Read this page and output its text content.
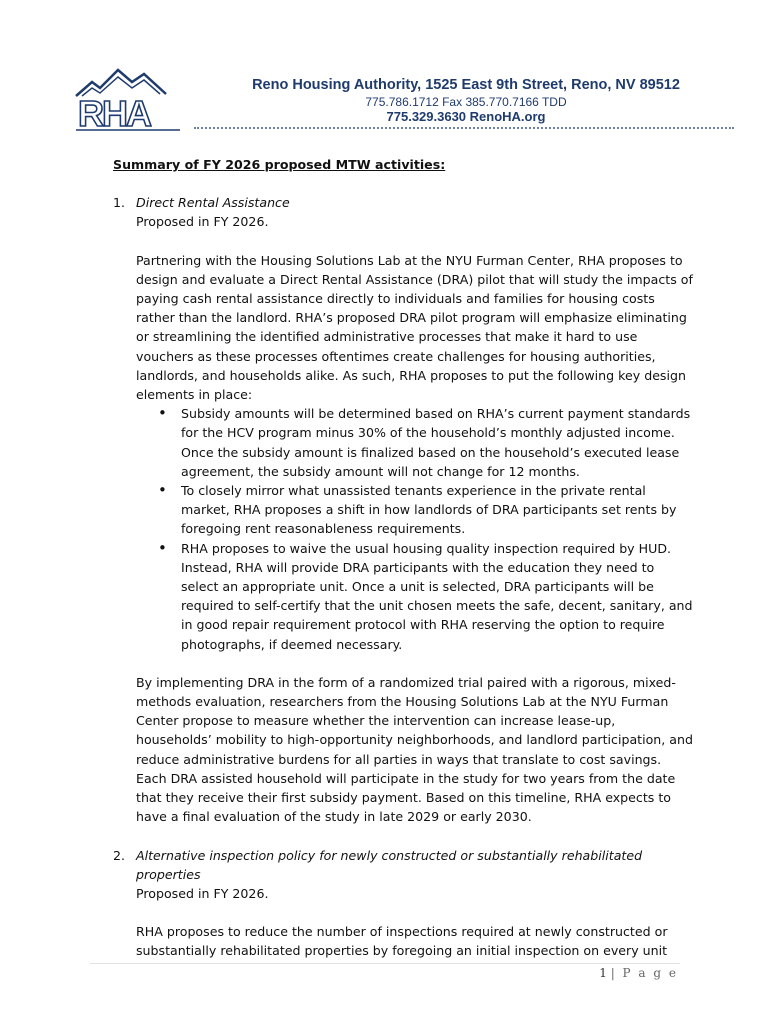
RHA
Reno Housing Authority, 1525 East 9th Street, Reno, NV 89512
775.786.1712 Fax 385.770.7166 TDD
775.329.3630 RenoHA.org

Summary of FY 2026 proposed MTW activities:

1. Direct Rental Assistance

Proposed in FY 2026.

Partnering with the Housing Solutions Lab at the NYU Furman Center, RHA proposes to design and evaluate a Direct Rental Assistance (DRA) pilot that will study the impacts of paying cash rental assistance directly to individuals and families for housing costs rather than the landlord. RHA’s proposed DRA pilot program will emphasize eliminating or streamlining the identified administrative processes that make it hard to use vouchers as these processes oftentimes create challenges for housing authorities, landlords, and households alike. As such, RHA proposes to put the following key design elements in place:

• Subsidy amounts will be determined based on RHA’s current payment standards for the HCV program minus 30% of the household’s monthly adjusted income. Once the subsidy amount is finalized based on the household’s executed lease agreement, the subsidy amount will not change for 12 months.
• To closely mirror what unassisted tenants experience in the private rental market, RHA proposes a shift in how landlords of DRA participants set rents by foregoing rent reasonableness requirements.
• RHA proposes to waive the usual housing quality inspection required by HUD. Instead, RHA will provide DRA participants with the education they need to select an appropriate unit. Once a unit is selected, DRA participants will be required to self-certify that the unit chosen meets the safe, decent, sanitary, and in good repair requirement protocol with RHA reserving the option to require photographs, if deemed necessary.

By implementing DRA in the form of a randomized trial paired with a rigorous, mixed-methods evaluation, researchers from the Housing Solutions Lab at the NYU Furman Center propose to measure whether the intervention can increase lease-up, households’ mobility to high-opportunity neighborhoods, and landlord participation, and reduce administrative burdens for all parties in ways that translate to cost savings. Each DRA assisted household will participate in the study for two years from the date that they receive their first subsidy payment. Based on this timeline, RHA expects to have a final evaluation of the study in late 2029 or early 2030.

2. Alternative inspection policy for newly constructed or substantially rehabilitated properties

Proposed in FY 2026.

RHA proposes to reduce the number of inspections required at newly constructed or substantially rehabilitated properties by foregoing an initial inspection on every unit

1 | P a g e
